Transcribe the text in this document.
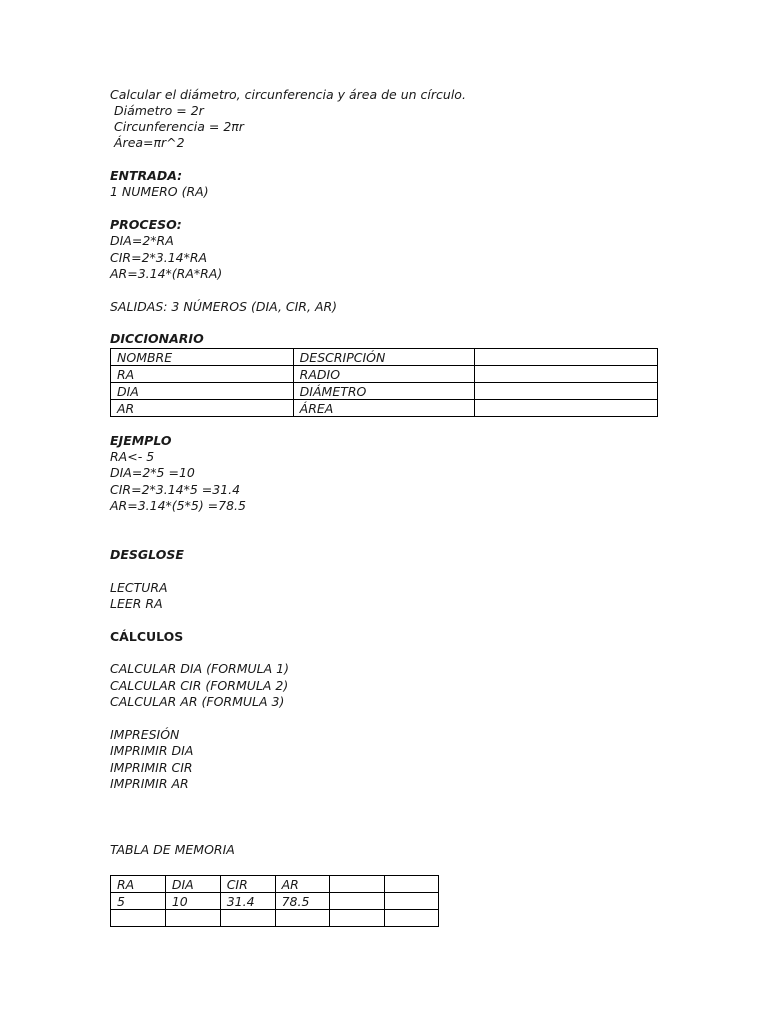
Calcular el diámetro, circunferencia y área de un círculo.
Diámetro = 2r
Circunferencia = 2πr
Área=πr^2
ENTRADA:
1 NUMERO (RA)
PROCESO:
DIA=2*RA
CIR=2*3.14*RA
AR=3.14*(RA*RA)
SALIDAS: 3 NÚMEROS (DIA, CIR, AR)
DICCIONARIO
NOMBRE	DESCRIPCIÓN	
RA	RADIO	
DIA	DIÁMETRO	
AR	ÁREA	
EJEMPLO
RA<- 5
DIA=2*5 =10
CIR=2*3.14*5 =31.4
AR=3.14*(5*5) =78.5
DESGLOSE
LECTURA
LEER RA
CÁLCULOS
CALCULAR DIA (FORMULA 1)
CALCULAR CIR (FORMULA 2)
CALCULAR AR (FORMULA 3)
IMPRESIÓN
IMPRIMIR DIA
IMPRIMIR CIR
IMPRIMIR AR
TABLA DE MEMORIA
RA	DIA	CIR	AR		
5	10	31.4	78.5		
